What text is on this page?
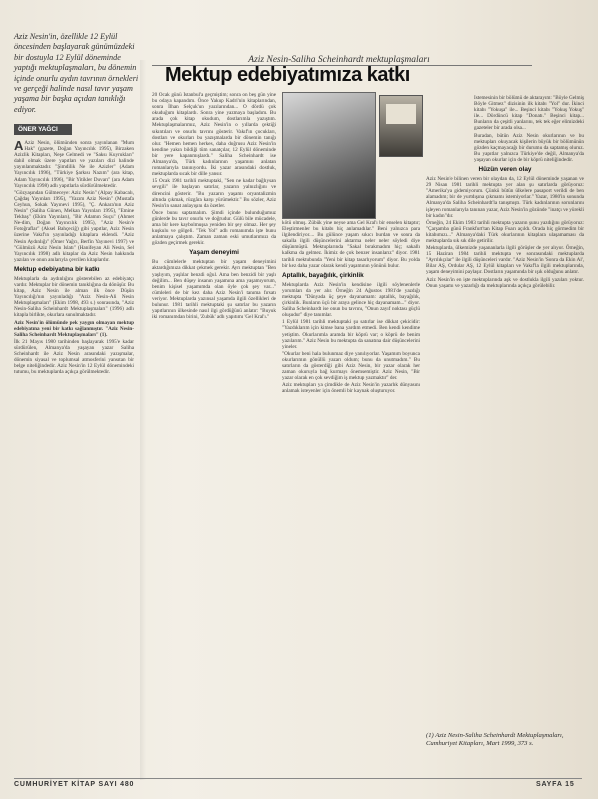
Aziz Nesin'in, özellikle 12 Eylül öncesinden başlayarak günümüzdeki bir dostuyla 12 Eylül döneminde yaptığı mektuplaşmaları, bu dönemin içinde onurlu aydın tavrının örnekleri ve gerçeği halinde nasıl tavır yaşam yaşama bir başka açıdan tanıklığı ediyor.
ÖNER YAĞCI

A Aziz Nesin, ölümünden sonra yayınlanan "Mum Hak" (gazete, Doğan Yayıncılık 1995), Birzaken Azizlik Kitapları, Neşe Gelmedi ve "Saksı Kuyrukları" dahil olmak üzere yapıtları ve yazıları dizi halinde yayınlanmaktadır. "Şimdilik Ne ile Azizler" (Adam Yayıncılık 1996), "Türkiye Şarkısı Nazım" (ara kitap, Adam Yayıncılık 1996), "Bir Yitikler Duvarı" (ara Adam Yayıncılık 1998) adlı yapıtlarla sürdürülmektedir.

"Gözyaşından Gülmeceye: Aziz Nesin" (Alpay Kabacalı, Çağdaş Yayınları 1995), "Yazım Aziz Nesin" (Mustafa Ceyhun, Sokak Yayınevi 1995), "Ç. Ankara'nın Aziz Nesin" (Saliha Günen, Melkan Yayınları 1995), "Emine Tekbaş" (Ekim Yayınları), "Bir Adamın Suçu" (Ahmet Ne-dim, Doğan Yayıncılık 1995), "Aziz Nesin'e Fotoğraflar" (Aksel Bahçeciğ) gibi yapıtlar, Aziz Nesin üzerine Vakıf'ın yayınladığı kitaplara eklendi. "Aziz Nesin Aydınlığı" (Ömer Yağcı, Berfin Yayınevi 1997) ve "Gülmüzü Aziz Nesin Islatı" (Hanifeyan Ali Nesin, Sel Yayıncılık 1998) adlı kitaplar da Aziz Nesin hakkında yazılan ve onun anılarıyla çevrilen kitaplardır.

Mektup edebiyatına bir katkı

Mektuplarla da aydınlığını gösterebilen az edebiyatçı vardır. Mektuplar bir dönemin tanıklığına da dönüşür. Bu kitap, Aziz Nesin ile alman ilk önce Düşün Yayıncılığı'nın yayınladığı "Aziz Nesin-Ali Nesin Mektuplaşmaları" (Ekim 1998, 493 s.) sonrasında, "Aziz Nesin-Saliha Scheinhardt Mektuplaşmaları" (1996) adlı kitapla birlikte, okurlara sunulmaktadır.

Aziz Nesin'in ölümünde pek yaygın olmayan mektup edebiyatına yeni bir katkı sağlanmıştır. "Aziz Nesin-Saliha Scheinhardt Mektuplaşmaları" (1).

İlk 21 Mayıs 1980 tarihinden başlayarak 1995'e kadar sürdürülen, Almanya'da yaşayan yazar Saliha Scheinhardt ile Aziz Nesin arasındaki yazışmalar, dönemin siyasal ve toplumsal atmosferini yansıtan bir belge niteliğindedir. Aziz Nesin'in 12 Eylül dönemindeki tutumu, bu mektuplarda açıkça görülmektedir.

Aziz Nesin-Saliha Scheinhardt mektuplaşmaları
Mektup edebiyatımıza katkı

20 Ocak günü İstanbul'a geçmiştim; sonra on beş gün yine bu odaya kapandım. Önce Yakup Kadri'nin kitaplarından, sonra İlhan Selçuk'un yazılarından... O dördü çok okuduğum kitaplardı. Sonra yine yazmaya başladım. Bu arada çok kitap okudum, dostlarımla yazıştım. Mektuplaşmalarımız, Aziz Nesin'in o yıllarda çektiği sıkıntıları ve onurlu tavrını gösterir. Vakıf'ın çocukları, dostları ve okurları bu yazışmalarda bir dönemin tanığı olur. "Hemen hemen herkes, daha doğrusu Aziz Nesin'in kendine yakın bildiği tüm sanatçılar, 12 Eylül döneminde bir yere kapanmışlardı." Saliha Scheinhardt ise Almanya'da, Türk kadınlarının yaşamını anlatan romanlarıyla tanınıyordu. İki yazar arasındaki dostluk, mektuplarda sıcak bir dille yansır.

15 Ocak 1981 tarihli mektuptaki, "Sen ne kadar bağlıysan sevgili" ile başlayan satırlar, yazarın yalnızlığını ve direncini gösterir. "Bu yazarın yaşamı oryantalizmin altında çıkmak, rüzgâra karşı yürümektir." Bu sözler, Aziz Nesin'in sanat anlayışını da özetler.

Önce bunu saptamalım. Şimdi içinde bulunduğumuz günlerde bu tavır onurlu ve doğrudur. Gülü bile mücadele, ama bir kere kaybolmuşsa yeniden bir şey olmaz. Her şey kuşkulu ve gölgeli. "Tek Yol" adlı romanımda işte bunu anlatmaya çalıştım. Zaman zaman eski umutlarımızı da gözden geçirmek gerekir.

Yaşam deneyimi

Bu cümlelerle mektuptan bir yaşam deneyimini aktardığımıza dikkat çekmek gerekir. Ayrı mektuptan "Ben yaşlıyım, yaşlılar benzdi oğul. Ama ben benzidi bir yaşlı değilim... Ben düşey insanın yaşamına ama yaşamıyorum, benim kişisel yaşamımda olan öyle çok şey var..." cümleleri de bir kez daha Aziz Nesin'i tanıma fırsatı veriyor. Mektuplarda yazınsal yaşamda ilgili özellikleri de bulunur. 1981 tarihli mektuptaki şu satırlar bu yazarın yapıtlarının ülkesinde nasıl ilgi gördüğünü anlatır: "Buyuk iki romanımdan birini, 'Zubük' adlı yapıtımı 'Gel Kral'ı."

kötü olmuş. Zübük yine neyse ama Gel Kral'ı bir enselen kitaptır; Eleştirmenler bu kitabı hiç anlamadılar." Beni yalnızca para ilgilendiriyor.... Bu gülünce yaşam sıkıcı burdan ve sonra da sakalla ilgili düşüncelerini aktarma neler neler söyledi diye düşünmüştü. Mektuplarında "Sakal bırakmadım hiç; sakallı kalkma da gelmez. İkimiz de çok benzer insanlarız" diyor. 1981 tarihli mektubunda "Yeni bir kitap tasarlıyorum" diyor. Bu yolda bir kez daha yazar olarak kendi yaşamının yönünü bulur.

Aptallık, bayağılık, çirkinlik

Mektuplarda Aziz Nesin'in kendisine ilgili söylenenlerle yorumları da yer alır. Örneğin 24 Ağustos 1981'de yazdığı mektupta "Dünyada üç şeye dayanamam: aptallık, bayağılık, çirkinlik. Bunların üçü bir araya gelince hiç dayanamam..." diyor. Saliha Scheinhardt ise onun bu tavrını, "Onun zayıf noktası güçlü oluşudur" diye tanımlar.

1 Eylül 1981 tarihli mektuptaki şu satırlar ise dikkat çekicidir: "Yazdıklarım için kimse bana yardım etmedi. Ben kendi kendime yetiştim. Okurlarımla aramda bir köprü var; o köprü de benim yazılarım." Aziz Nesin bu mektupta da sanatına dair düşüncelerini yineler.

"Okurlar beni hala bulunmaz diye yanılıyorlar. Yaşamım boyunca okurlarımın gönüllü yazarı oldum; bunu da unutmadım." Bu satırların da gösterdiği gibi Aziz Nesin, bir yazar olarak her zaman okuruyla bağ kurmayı önemsemiştir. Aziz Nesin, "Bir yazar olarak en çok sevdiğim iş mektup yazmaktır" der.

Aziz mektupları ya çimdikle de Aziz Nesin'in yazarlık dünyasını anlamak isteyenler için önemli bir kaynak oluşturuyor.

İstemesinin bir bölümü de aktarayım: "Böyle Gelmiş Böyle Gitmez" dizisinin ilk kitabı "Yol" dur. İkinci kitabı "Yokuşa" ile... Beşinci kitabı "Yokuş Yokuş" ile... Dördüncü kitap "Donatı." Beşinci kitap... Bunların da çeşitli yanlarını, tek tek eğer elimizdeki gazeteler bir arada olsa...

Buradan, bütün Aziz Nesin okurlarının ve bu mektupları okuyacak kişilerin büyük bir bölümünün gözden kaçmayacağı bir durumu da saptamış oluruz. Bu yapıtlar yalnızca Türkiye'de değil, Almanya'da yaşayan okurlar için de bir köprü niteliğindedir.

Hüzün veren olay

Aziz Nesin'e bilinen veren bir olaydan da, 12 Eylül döneminde yaşanan ve 29 Nisan 1981 tarihli mektupta yer alan şu satırlarda görüyoruz: "Amerika'ya gidemiyorum. Çünkü bütün ülkelere pasaport verildi de ben alamadım; bir de yurtdışına çıkmamı istemiyorlar." Yazar, 1980'in sonunda Almanya'da Saliha Scheinhardt'la tanışmıştı. Türk kadınlarının sorunlarını işleyen romanlarıyla tanınan yazar, Aziz Nesin'in gözünde "inatçı ve yürekli bir kadın"dır.

Örneğin, 24 Ekim 1983 tarihli mektupta yazarın şunu yazdığını görüyoruz: "Çarşamba günü Frankfurt'tan Kitap Fuarı açıldı. Orada hiç görmedim bir kitabımızı..." Almanya'daki Türk okurlarının kitaplara ulaşamaması da mektuplarda sık sık dile getirilir.

Mektuplarda, ülkemizde yaşananlarla ilgili görüşler de yer alıyor. Örneğin, 15 Haziran 1984 tarihli mektupta ve sonrasındaki mektuplarda "Ayrılıkçılar" ile ilgili düşünceleri vardır. "Aziz Nesin'in 'Sonra da Ekin Al', Bilar AŞ, Ordular AŞ, 12 Eylül kitapları ve Vakıf'la ilgili mektuplarında, yaşam deneyimini paylaşır. Dostların yaşamında bir ışık olduğunu anlatır.

Aziz Nesin'in en işte mektuplarında aşk ve dostlukla ilgili yazıları yoktur. Onun yaşamı ve yazarlığı da mektuplarında açıkça görülebilir.

(1) Aziz Nesin-Saliha Scheinhardt Mektuplaşmaları, Cumhuriyet Kitapları, Mart 1999, 373 s.
CUMHURİYET KİTAP SAYI 480	SAYFA 15
